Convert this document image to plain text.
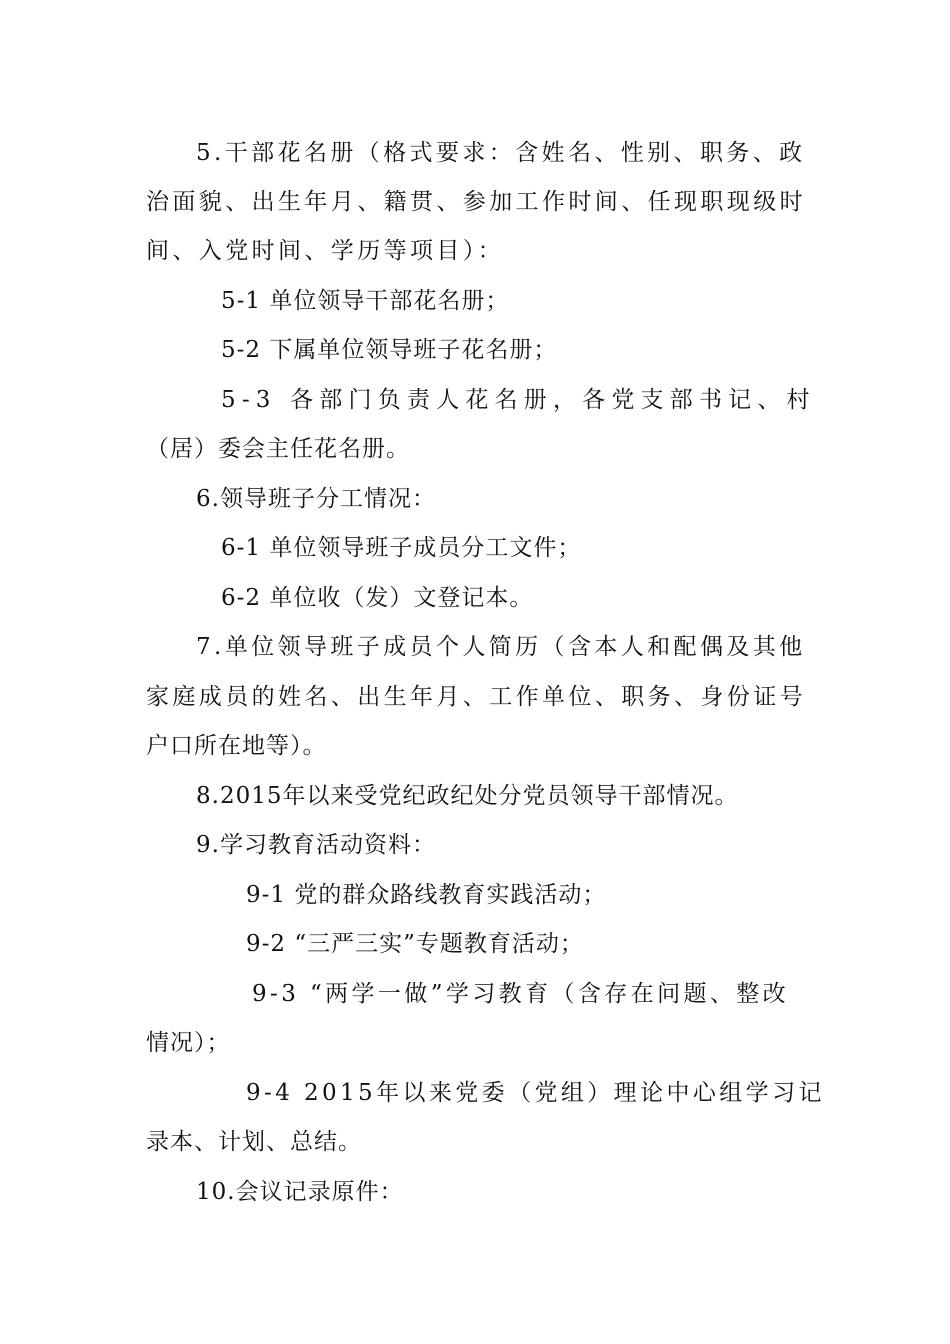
5.干部花名册（格式要求：含姓名、性别、职务、政
治面貌、出生年月、籍贯、参加工作时间、任现职现级时
间、入党时间、学历等项目）：
5-1 单位领导干部花名册；
5-2 下属单位领导班子花名册；
5-3 各部门负责人花名册，各党支部书记、村
（居）委会主任花名册。
6.领导班子分工情况：
6-1 单位领导班子成员分工文件；
6-2 单位收（发）文登记本。
7.单位领导班子成员个人简历（含本人和配偶及其他
家庭成员的姓名、出生年月、工作单位、职务、身份证号
户口所在地等）。
8.2015年以来受党纪政纪处分党员领导干部情况。
9.学习教育活动资料：
9-1 党的群众路线教育实践活动；
9-2 “三严三实”专题教育活动；
9-3 “两学一做”学习教育（含存在问题、整改
情况）；
9-4 2015年以来党委（党组）理论中心组学习记
录本、计划、总结。
10.会议记录原件：
